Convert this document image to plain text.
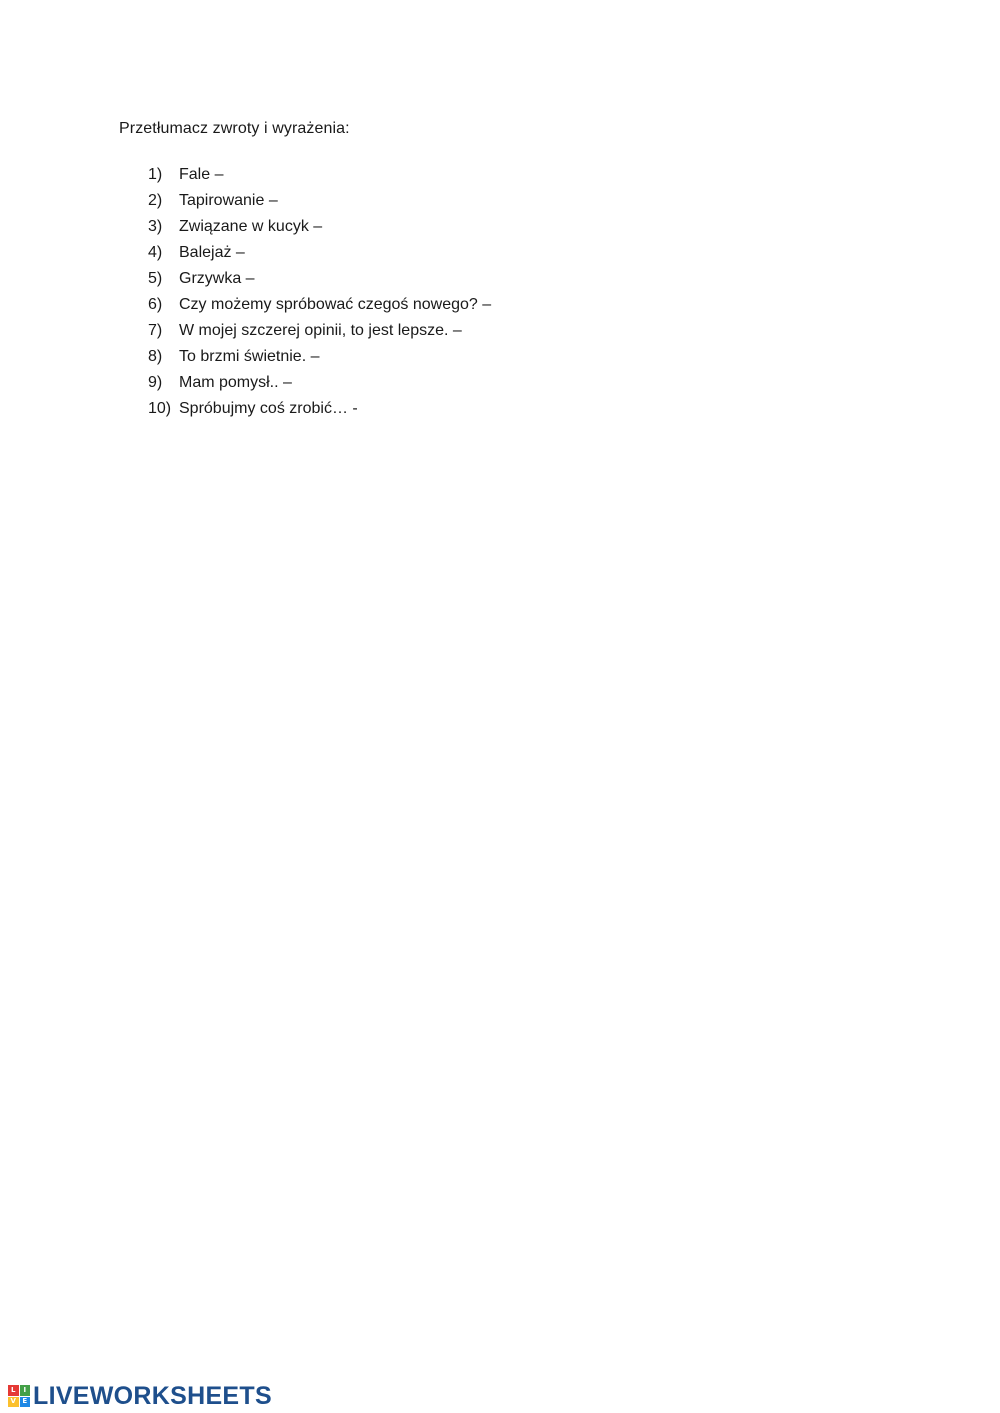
Przetłumacz zwroty i wyrażenia:
1)	Fale –
2)	Tapirowanie –
3)	Związane w kucyk –
4)	Balejaż –
5)	Grzywka –
6)	Czy możemy spróbować czegoś nowego? –
7)	W mojej szczerej opinii, to jest lepsze. –
8)	To brzmi świetnie. –
9)	Mam pomysł.. –
10) Spróbujmy coś zrobić… -
L	I
V E LIVEWORKSHEETS
